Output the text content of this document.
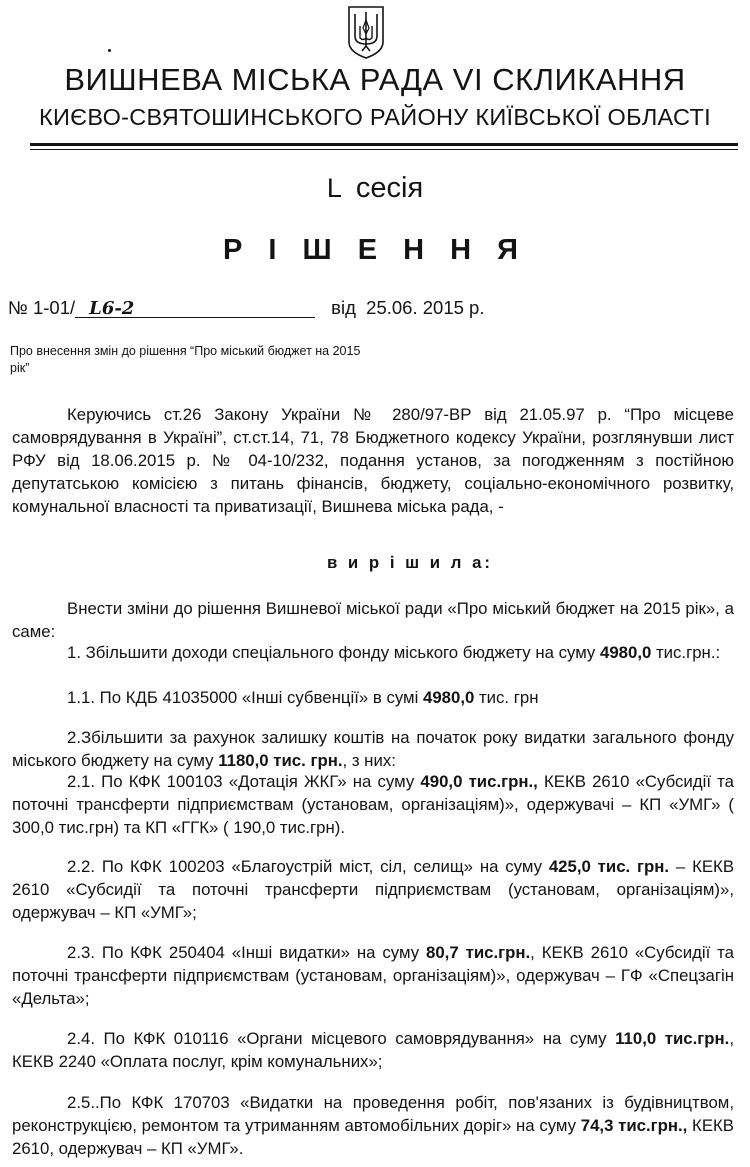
ВИШНЕВА МІСЬКА РАДА VI СКЛИКАННЯ
КИЄВО-СВЯТОШИНСЬКОГО РАЙОНУ КИЇВСЬКОЇ ОБЛАСТІ
L сесія
Р І Ш Е Н Н Я
№ 1-01/ L6-2	від 25.06. 2015 р.
Про внесення змін до рішення “Про міський бюджет на 2015 рік”
Керуючись ст.26 Закону України № 280/97-ВР від 21.05.97 р. “Про місцеве самоврядування в Україні”, ст.ст.14, 71, 78 Бюджетного кодексу України, розглянувши лист РФУ від 18.06.2015 р. № 04-10/232, подання установ, за погодженням з постійною депутатською комісією з питань фінансів, бюджету, соціально-економічного розвитку, комунальної власності та приватизації, Вишнева міська рада, -
в и р і ш и л а:
Внести зміни до рішення Вишневої міської ради «Про міський бюджет на 2015 рік», а саме:
1. Збільшити доходи спеціального фонду міського бюджету на суму 4980,0 тис.грн.:
1.1. По КДБ 41035000 «Інші субвенції» в сумі 4980,0 тис. грн
2.Збільшити за рахунок залишку коштів на початок року видатки загального фонду міського бюджету на суму 1180,0 тис. грн., з них:
2.1. По КФК 100103 «Дотація ЖКГ» на суму 490,0 тис.грн., КЕКВ 2610 «Субсидії та поточні трансферти підприємствам (установам, організаціям)», одержувачі – КП «УМГ» ( 300,0 тис.грн) та КП «ГГК» ( 190,0 тис.грн).
2.2. По КФК 100203 «Благоустрій міст, сіл, селищ» на суму 425,0 тис. грн. – КЕКВ 2610 «Субсидії та поточні трансферти підприємствам (установам, організаціям)», одержувач – КП «УМГ»;
2.3. По КФК 250404 «Інші видатки» на суму 80,7 тис.грн., КЕКВ 2610 «Субсидії та поточні трансферти підприємствам (установам, організаціям)», одержувач – ГФ «Спецзагін «Дельта»;
2.4. По КФК 010116 «Органи місцевого самоврядування» на суму 110,0 тис.грн., КЕКВ 2240 «Оплата послуг, крім комунальних»;
2.5..По КФК 170703 «Видатки на проведення робіт, пов'язаних із будівництвом, реконструкцією, ремонтом та утриманням автомобільних доріг» на суму 74,3 тис.грн., КЕКВ 2610, одержувач – КП «УМГ».
